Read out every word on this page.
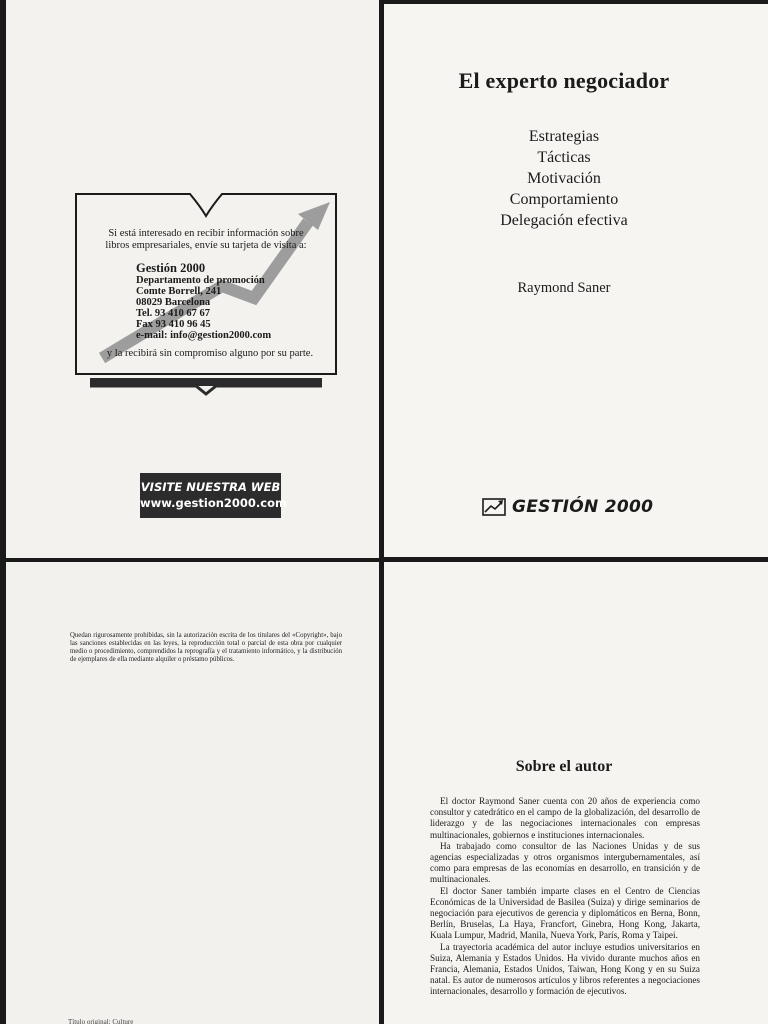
Si está interesado en recibir información sobre
libros empresariales, envíe su tarjeta de visita a:
Gestión 2000
Departamento de promoción
Comte Borrell, 241
08029 Barcelona
Tel. 93 410 67 67
Fax 93 410 96 45
e-mail: info@gestion2000.com
y la recibirá sin compromiso alguno por su parte.
VISITE NUESTRA WEB
www.gestion2000.com
El experto negociador
Estrategias
Tácticas
Motivación
Comportamiento
Delegación efectiva
Raymond Saner
GESTIÓN 2000
Quedan rigurosamente prohibidas, sin la autorización escrita de los titulares del «Copyright», bajo las sanciones establecidas en las leyes, la reproducción total o parcial de esta obra por cualquier medio o procedimiento, comprendidos la reprografía y el tratamiento informático, y la distribución de ejemplares de ella mediante alquiler o préstamo públicos.
Título original: Culture
Sobre el autor

El doctor Raymond Saner cuenta con 20 años de experiencia como consultor y catedrático en el campo de la globalización, del desarrollo de liderazgo y de las negociaciones internacionales con empresas multinacionales, gobiernos e instituciones internacionales.

Ha trabajado como consultor de las Naciones Unidas y de sus agencias especializadas y otros organismos intergubernamentales, así como para empresas de las economías en desarrollo, en transición y de multinacionales.

El doctor Saner también imparte clases en el Centro de Ciencias Económicas de la Universidad de Basilea (Suiza) y dirige seminarios de negociación para ejecutivos de gerencia y diplomáticos en Berna, Bonn, Berlín, Bruselas, La Haya, Francfort, Ginebra, Hong Kong, Jakarta, Kuala Lumpur, Madrid, Manila, Nueva York, París, Roma y Taipei.

La trayectoria académica del autor incluye estudios universitarios en Suiza, Alemania y Estados Unidos. Ha vivido durante muchos años en Francia, Alemania, Estados Unidos, Taiwan, Hong Kong y en su Suiza natal. Es autor de numerosos artículos y libros referentes a negociaciones internacionales, desarrollo y formación de ejecutivos.
